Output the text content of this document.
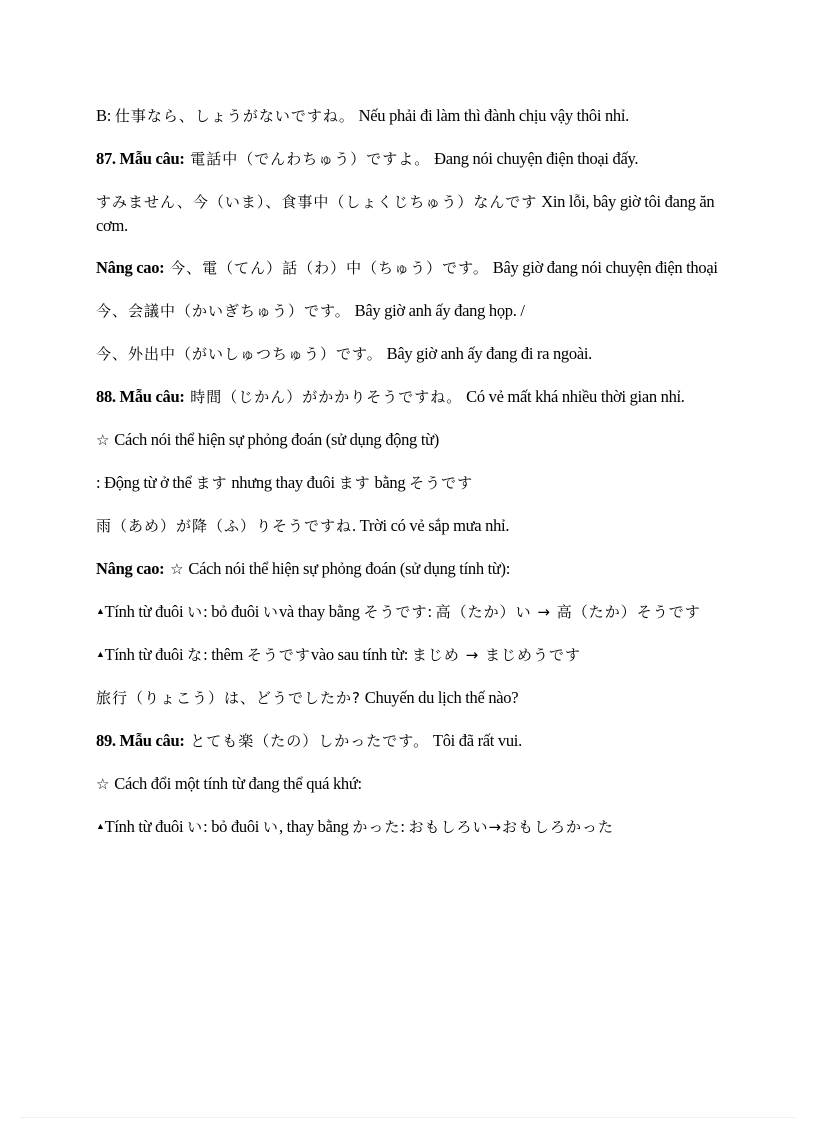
B: 仕事なら、しょうがないですね。 Nếu phải đi làm thì đành chịu vậy thôi nhỉ.

87. Mẫu câu: 電話中（でんわちゅう）ですよ。 Đang nói chuyện điện thoại đấy.

すみません、今（いま）、食事中（しょくじちゅう）なんです Xin lỗi, bây giờ tôi đang ăn cơm.

Nâng cao: 今、電（てん）話（わ）中（ちゅう）です。 Bây giờ đang nói chuyện điện thoại

今、会議中（かいぎちゅう）です。 Bây giờ anh ấy đang họp. /

今、外出中（がいしゅつちゅう）です。 Bây giờ anh ấy đang đi ra ngoài.

88. Mẫu câu: 時間（じかん）がかかりそうですね。 Có vẻ mất khá nhiều thời gian nhỉ.

☆ Cách nói thể hiện sự phỏng đoán (sử dụng động từ)

: Động từ ở thể ます nhưng thay đuôi ます bằng そうです

雨（あめ）が降（ふ）りそうですね. Trời có vẻ sắp mưa nhỉ.

Nâng cao: ☆ Cách nói thể hiện sự phỏng đoán (sử dụng tính từ):

▲Tính từ đuôi い: bỏ đuôi いvà thay bằng そうです: 高（たか）い → 高（たか）そうです

▲Tính từ đuôi な: thêm そうですvào sau tính từ: まじめ → まじめうです

旅行（りょこう）は、どうでしたか? Chuyến du lịch thế nào?

89. Mẫu câu: とても楽（たの）しかったです。 Tôi đã rất vui.

☆ Cách đổi một tính từ đang thể quá khứ:

▲Tính từ đuôi い: bỏ đuôi い, thay bằng かった: おもしろい→おもしろかった
